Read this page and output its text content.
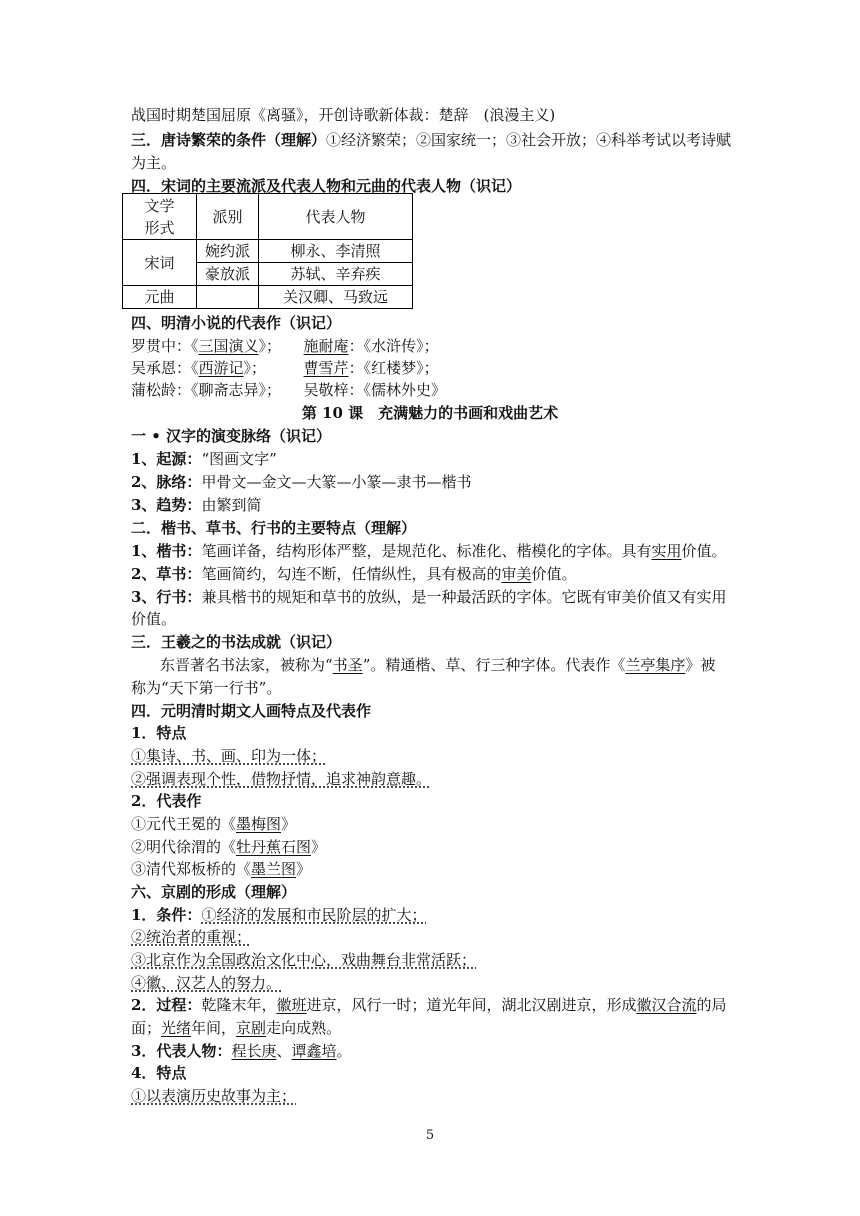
战国时期楚国屈原《离骚》，开创诗歌新体裁：楚辞　(浪漫主义)
三．唐诗繁荣的条件（理解）①经济繁荣；②国家统一；③社会开放；④科举考试以考诗赋
为主。
四．宋词的主要流派及代表人物和元曲的代表人物（识记）
文学形式	派别	代表人物
宋词	婉约派	柳永、李清照
	豪放派	苏轼、辛弃疾
元曲		关汉卿、马致远
四、明清小说的代表作（识记）
罗贯中：《三国演义》；　　施耐庵：《水浒传》；
吴承恩：《西游记》；　　　曹雪芹：《红楼梦》；
蒲松龄：《聊斋志异》；　　吴敬梓：《儒林外史》
第 10 课　充满魅力的书画和戏曲艺术
一 • 汉字的演变脉络（识记）
1、起源：“图画文字”
2、脉络：甲骨文—金文—大篆—小篆—隶书—楷书
3、趋势：由繁到简
二．楷书、草书、行书的主要特点（理解）
1、楷书：笔画详备，结构形体严整，是规范化、标准化、楷模化的字体。具有实用价值。
2、草书：笔画简约，勾连不断，任情纵性，具有极高的审美价值。
3、行书：兼具楷书的规矩和草书的放纵，是一种最活跃的字体。它既有审美价值又有实用
价值。
三．王羲之的书法成就（识记）
东晋著名书法家，被称为“书圣”。精通楷、草、行三种字体。代表作《兰亭集序》被
称为“天下第一行书”。
四．元明清时期文人画特点及代表作
1．特点
①集诗、书、画、印为一体；
②强调表现个性，借物抒情，追求神韵意趣。
2．代表作
①元代王冕的《墨梅图》
②明代徐渭的《牡丹蕉石图》
③清代郑板桥的《墨兰图》
六、京剧的形成（理解）
1．条件：①经济的发展和市民阶层的扩大；
②统治者的重视；
③北京作为全国政治文化中心，戏曲舞台非常活跃；
④徽、汉艺人的努力。
2．过程：乾隆末年，徽班进京，风行一时；道光年间，湖北汉剧进京，形成徽汉合流的局
面；光绪年间，京剧走向成熟。
3．代表人物：程长庚、谭鑫培。
4．特点
①以表演历史故事为主；
5
